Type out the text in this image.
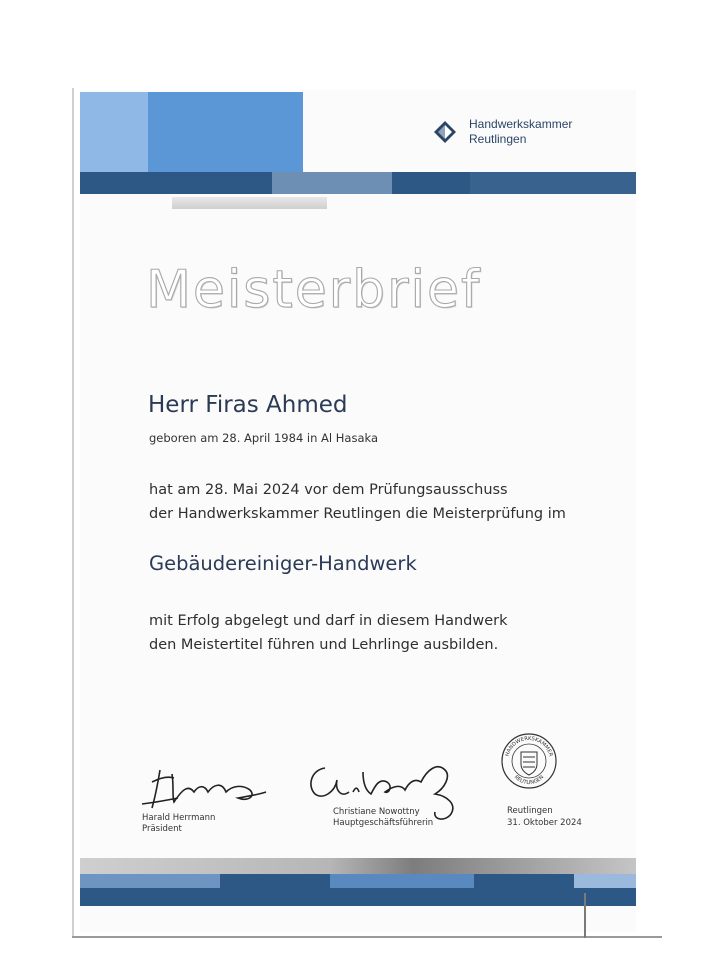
Handwerkskammer
Reutlingen
Meisterbrief
Herr Firas Ahmed
geboren am 28. April 1984 in Al Hasaka
hat am 28. Mai 2024 vor dem Prüfungsausschuss
der Handwerkskammer Reutlingen die Meisterprüfung im
Gebäudereiniger-Handwerk
mit Erfolg abgelegt und darf in diesem Handwerk
den Meistertitel führen und Lehrlinge ausbilden.
Harald Herrmann
Präsident
Christiane Nowottny
Hauptgeschäftsführerin
HANDWERKSKAMMER
REUTLINGEN
Reutlingen
31. Oktober 2024
